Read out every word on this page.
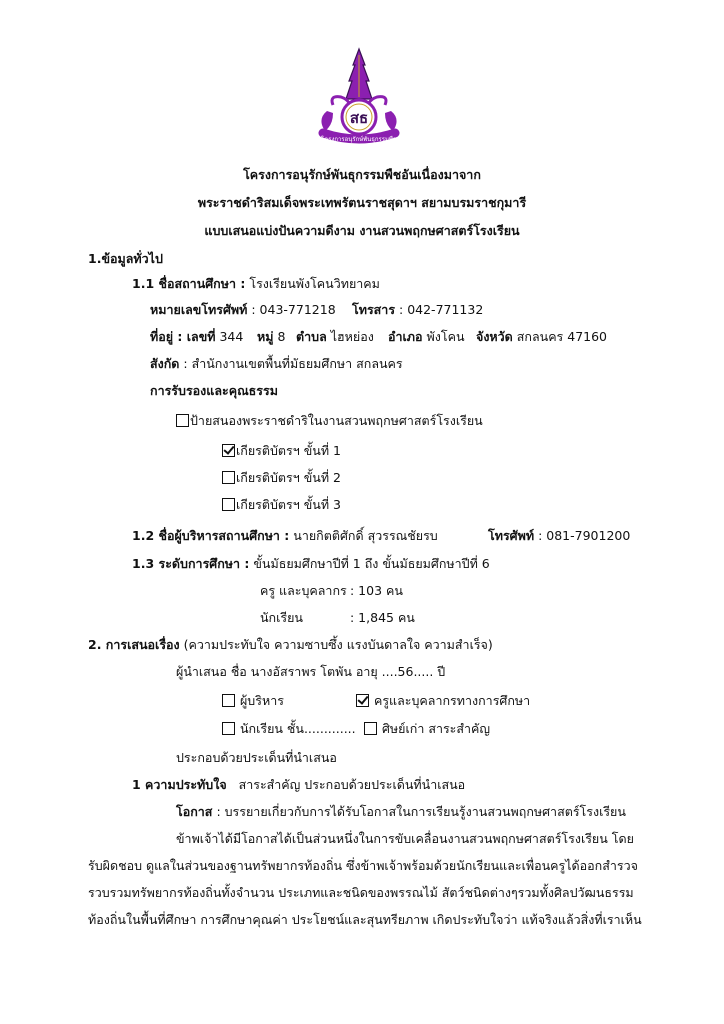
สธ
โครงการอนุรักษ์พันธุกรรมพืช
โครงการอนุรักษ์พันธุกรรมพืชอันเนื่องมาจาก
พระราชดำริสมเด็จพระเทพรัตนราชสุดาฯ สยามบรมราชกุมารี
แบบเสนอแบ่งปันความดีงาม งานสวนพฤกษศาสตร์โรงเรียน
1.ข้อมูลทั่วไป
1.1 ชื่อสถานศึกษา : โรงเรียนพังโคนวิทยาคม
หมายเลขโทรศัพท์ : 043-771218 โทรสาร : 042-771132
ที่อยู่ : เลขที่ 344 หมู่ 8 ตำบล ไฮหย่อง อำเภอ พังโคน จังหวัด สกลนคร 47160
สังกัด : สำนักงานเขตพื้นที่มัธยมศึกษา สกลนคร
การรับรองและคุณธรรม
ป้ายสนองพระราชดำริในงานสวนพฤกษศาสตร์โรงเรียน
เกียรติบัตรฯ ขั้นที่ 1
เกียรติบัตรฯ ขั้นที่ 2
เกียรติบัตรฯ ขั้นที่ 3
1.2 ชื่อผู้บริหารสถานศึกษา : นายกิตติศักดิ์ สุวรรณชัยรบ	โทรศัพท์ : 081-7901200
1.3 ระดับการศึกษา : ขั้นมัธยมศึกษาปีที่ 1 ถึง ขั้นมัธยมศึกษาปีที่ 6
ครู และบุคลากร : 103 คน
นักเรียน	: 1,845 คน
2. การเสนอเรื่อง (ความประทับใจ ความซาบซึ้ง แรงบันดาลใจ ความสำเร็จ)
ผู้นำเสนอ ชื่อ นางอัสราพร โตพัน อายุ ....56..... ปี
ผู้บริหาร	ครูและบุคลากรทางการศึกษา
นักเรียน ชั้น.............	ศิษย์เก่า สาระสำคัญ
ประกอบด้วยประเด็นที่นำเสนอ
1 ความประทับใจ สาระสำคัญ ประกอบด้วยประเด็นที่นำเสนอ
โอกาส : บรรยายเกี่ยวกับการได้รับโอกาสในการเรียนรู้งานสวนพฤกษศาสตร์โรงเรียน
ข้าพเจ้าได้มีโอกาสได้เป็นส่วนหนึ่งในการขับเคลื่อนงานสวนพฤกษศาสตร์โรงเรียน โดย
รับผิดชอบ ดูแลในส่วนของฐานทรัพยากรท้องถิ่น ซึ่งข้าพเจ้าพร้อมด้วยนักเรียนและเพื่อนครูได้ออกสำรวจ
รวบรวมทรัพยากรท้องถิ่นทั้งจำนวน ประเภทและชนิดของพรรณไม้ สัตว์ชนิดต่างๆรวมทั้งศิลปวัฒนธรรม
ท้องถิ่นในพื้นที่ศึกษา การศึกษาคุณค่า ประโยชน์และสุนทรียภาพ เกิดประทับใจว่า แท้จริงแล้วสิ่งที่เราเห็น
